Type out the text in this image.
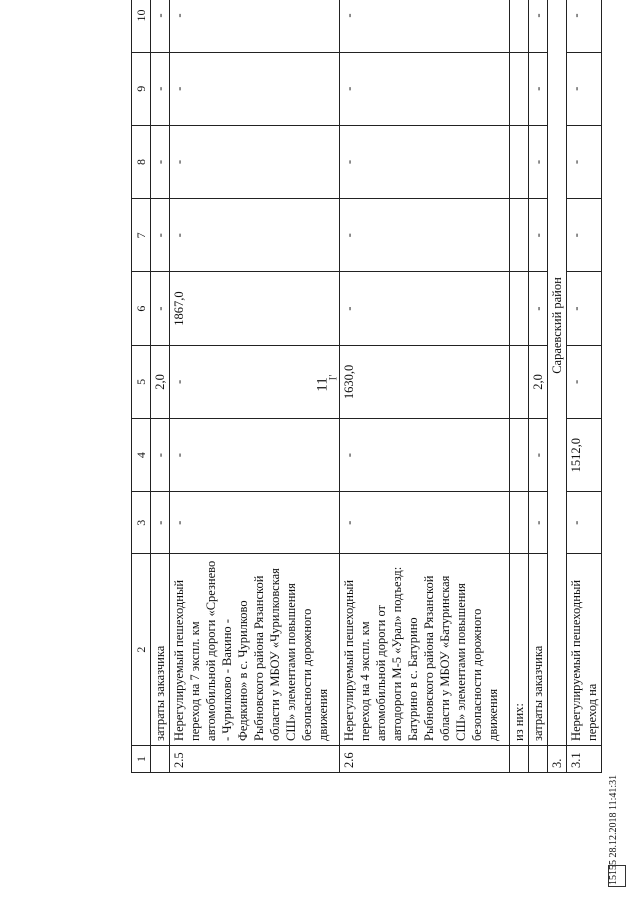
11
I'
1	2	3	4	5	6	7	8	9	10	
	затраты заказчика	-	-	2,0	-	-	-	-	-	
2.5	Нерегулируемый пешеходный переход на 7 экспл. км автомобильной дороги «Срезнево - Чурилково - Вакино - Федякино» в с. Чурилково Рыбновского района Рязанской области у МБОУ «Чурилковская СШ» элементами повышения безопасности дорожного движения	-	-	-	1867,0	-	-	-	-	
2.6	Нерегулируемый пешеходный переход на 4 экспл. км автомобильной дороги от автодороги М-5 «Урал» подъезд: Батурино в с. Батурино Рыбновского района Рязанской области у МБОУ «Батуринская СШ» элементами повышения безопасности дорожного движения	-	-	1630,0	-	-	-	-	-	
	из них:									
	затраты заказчика	-	-	2,0	-	-	-	-	-	
3.	Сараевский район									
3.1	Нерегулируемый пешеходный переход на	-	1512,0	-	-	-	-	-	-	
15155 28.12.2018 11:41:31
